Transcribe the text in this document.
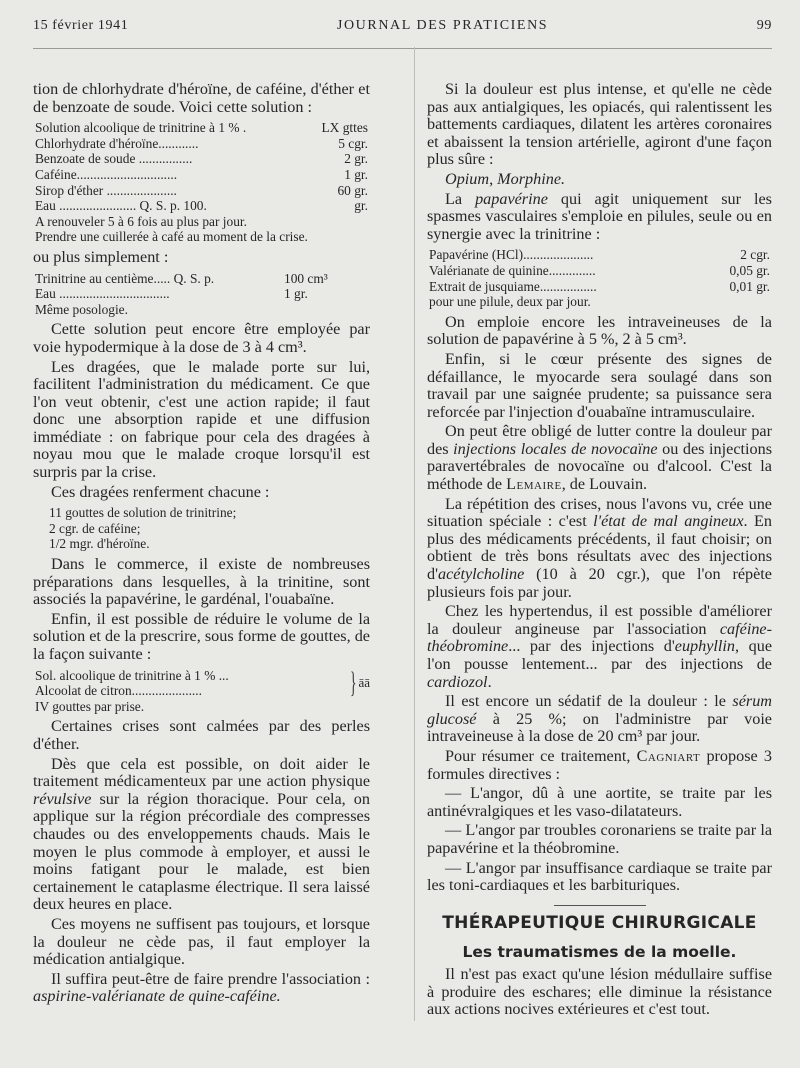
15 février 1941	JOURNAL DES PRATICIENS	99

tion de chlorhydrate d'héroïne, de caféine, d'éther et de benzoate de soude. Voici cette solution :

Solution alcoolique de trinitrine à 1 % .	LX gttes
Chlorhydrate d'héroïne............	5 cgr.
Benzoate de soude ................	2 gr.
Caféine..............................	1 gr.
Sirop d'éther .....................	60 gr.
Eau ....................... Q. S. p. 100.	gr.
A renouveler 5 à 6 fois au plus par jour.
Prendre une cuillerée à café au moment de la crise.

ou plus simplement :

Trinitrine au centième..... Q. S. p.	100 cm³
Eau .................................	1 gr.
Même posologie.

Cette solution peut encore être employée par voie hypodermique à la dose de 3 à 4 cm³.

Les dragées, que le malade porte sur lui, facilitent l'administration du médicament. Ce que l'on veut obtenir, c'est une action rapide; il faut donc une absorption rapide et une diffusion immédiate : on fabrique pour cela des dragées à noyau mou que le malade croque lorsqu'il est surpris par la crise.

Ces dragées renferment chacune :

11 gouttes de solution de trinitrine;
2 cgr. de caféine;
1/2 mgr. d'héroïne.

Dans le commerce, il existe de nombreuses préparations dans lesquelles, à la trinitine, sont associés la papavérine, le gardénal, l'ouabaïne.

Enfin, il est possible de réduire le volume de la solution et de la prescrire, sous forme de gouttes, de la façon suivante :

Sol. alcoolique de trinitrine à 1 % ...
Alcoolat de citron.....................	} āā
IV gouttes par prise.

Certaines crises sont calmées par des perles d'éther.

Dès que cela est possible, on doit aider le traitement médicamenteux par une action physique révulsive sur la région thoracique. Pour cela, on applique sur la région précordiale des compresses chaudes ou des enveloppements chauds. Mais le moyen le plus commode à employer, et aussi le moins fatigant pour le malade, est bien certainement le cataplasme électrique. Il sera laissé deux heures en place.

Ces moyens ne suffisent pas toujours, et lorsque la douleur ne cède pas, il faut employer la médication antialgique.

Il suffira peut-être de faire prendre l'association : aspirine-valérianate de quine-caféine.

Si la douleur est plus intense, et qu'elle ne cède pas aux antialgiques, les opiacés, qui ralentissent les battements cardiaques, dilatent les artères coronaires et abaissent la tension artérielle, agiront d'une façon plus sûre :

Opium, Morphine.

La papavérine qui agit uniquement sur les spasmes vasculaires s'emploie en pilules, seule ou en synergie avec la trinitrine :

Papavérine (HCl).....................	2 cgr.
Valérianate de quinine..............	0,05 gr.
Extrait de jusquiame.................	0,01 gr.
pour une pilule, deux par jour.

On emploie encore les intraveineuses de la solution de papavérine à 5 %, 2 à 5 cm³.

Enfin, si le cœur présente des signes de défaillance, le myocarde sera soulagé dans son travail par une saignée prudente; sa puissance sera reforcée par l'injection d'ouabaïne intramusculaire.

On peut être obligé de lutter contre la douleur par des injections locales de novocaïne ou des injections paravertébrales de novocaïne ou d'alcool. C'est la méthode de Lemaire, de Louvain.

La répétition des crises, nous l'avons vu, crée une situation spéciale : c'est l'état de mal angineux. En plus des médicaments précédents, il faut choisir; on obtient de très bons résultats avec des injections d'acétylcholine (10 à 20 cgr.), que l'on répète plusieurs fois par jour.

Chez les hypertendus, il est possible d'améliorer la douleur angineuse par l'association caféine-théobromine... par des injections d'euphyllin, que l'on pousse lentement... par des injections de cardiozol.

Il est encore un sédatif de la douleur : le sérum glucosé à 25 %; on l'administre par voie intraveineuse à la dose de 20 cm³ par jour.

Pour résumer ce traitement, Cagniart propose 3 formules directives :

— L'angor, dû à une aortite, se traite par les antinévralgiques et les vaso-dilatateurs.

— L'angor par troubles coronariens se traite par la papavérine et la théobromine.

— L'angor par insuffisance cardiaque se traite par les toni-cardiaques et les barbituriques.

THÉRAPEUTIQUE CHIRURGICALE
Les traumatismes de la moelle.

Il n'est pas exact qu'une lésion médullaire suffise à produire des eschares; elle diminue la résistance aux actions nocives extérieures et c'est tout.
